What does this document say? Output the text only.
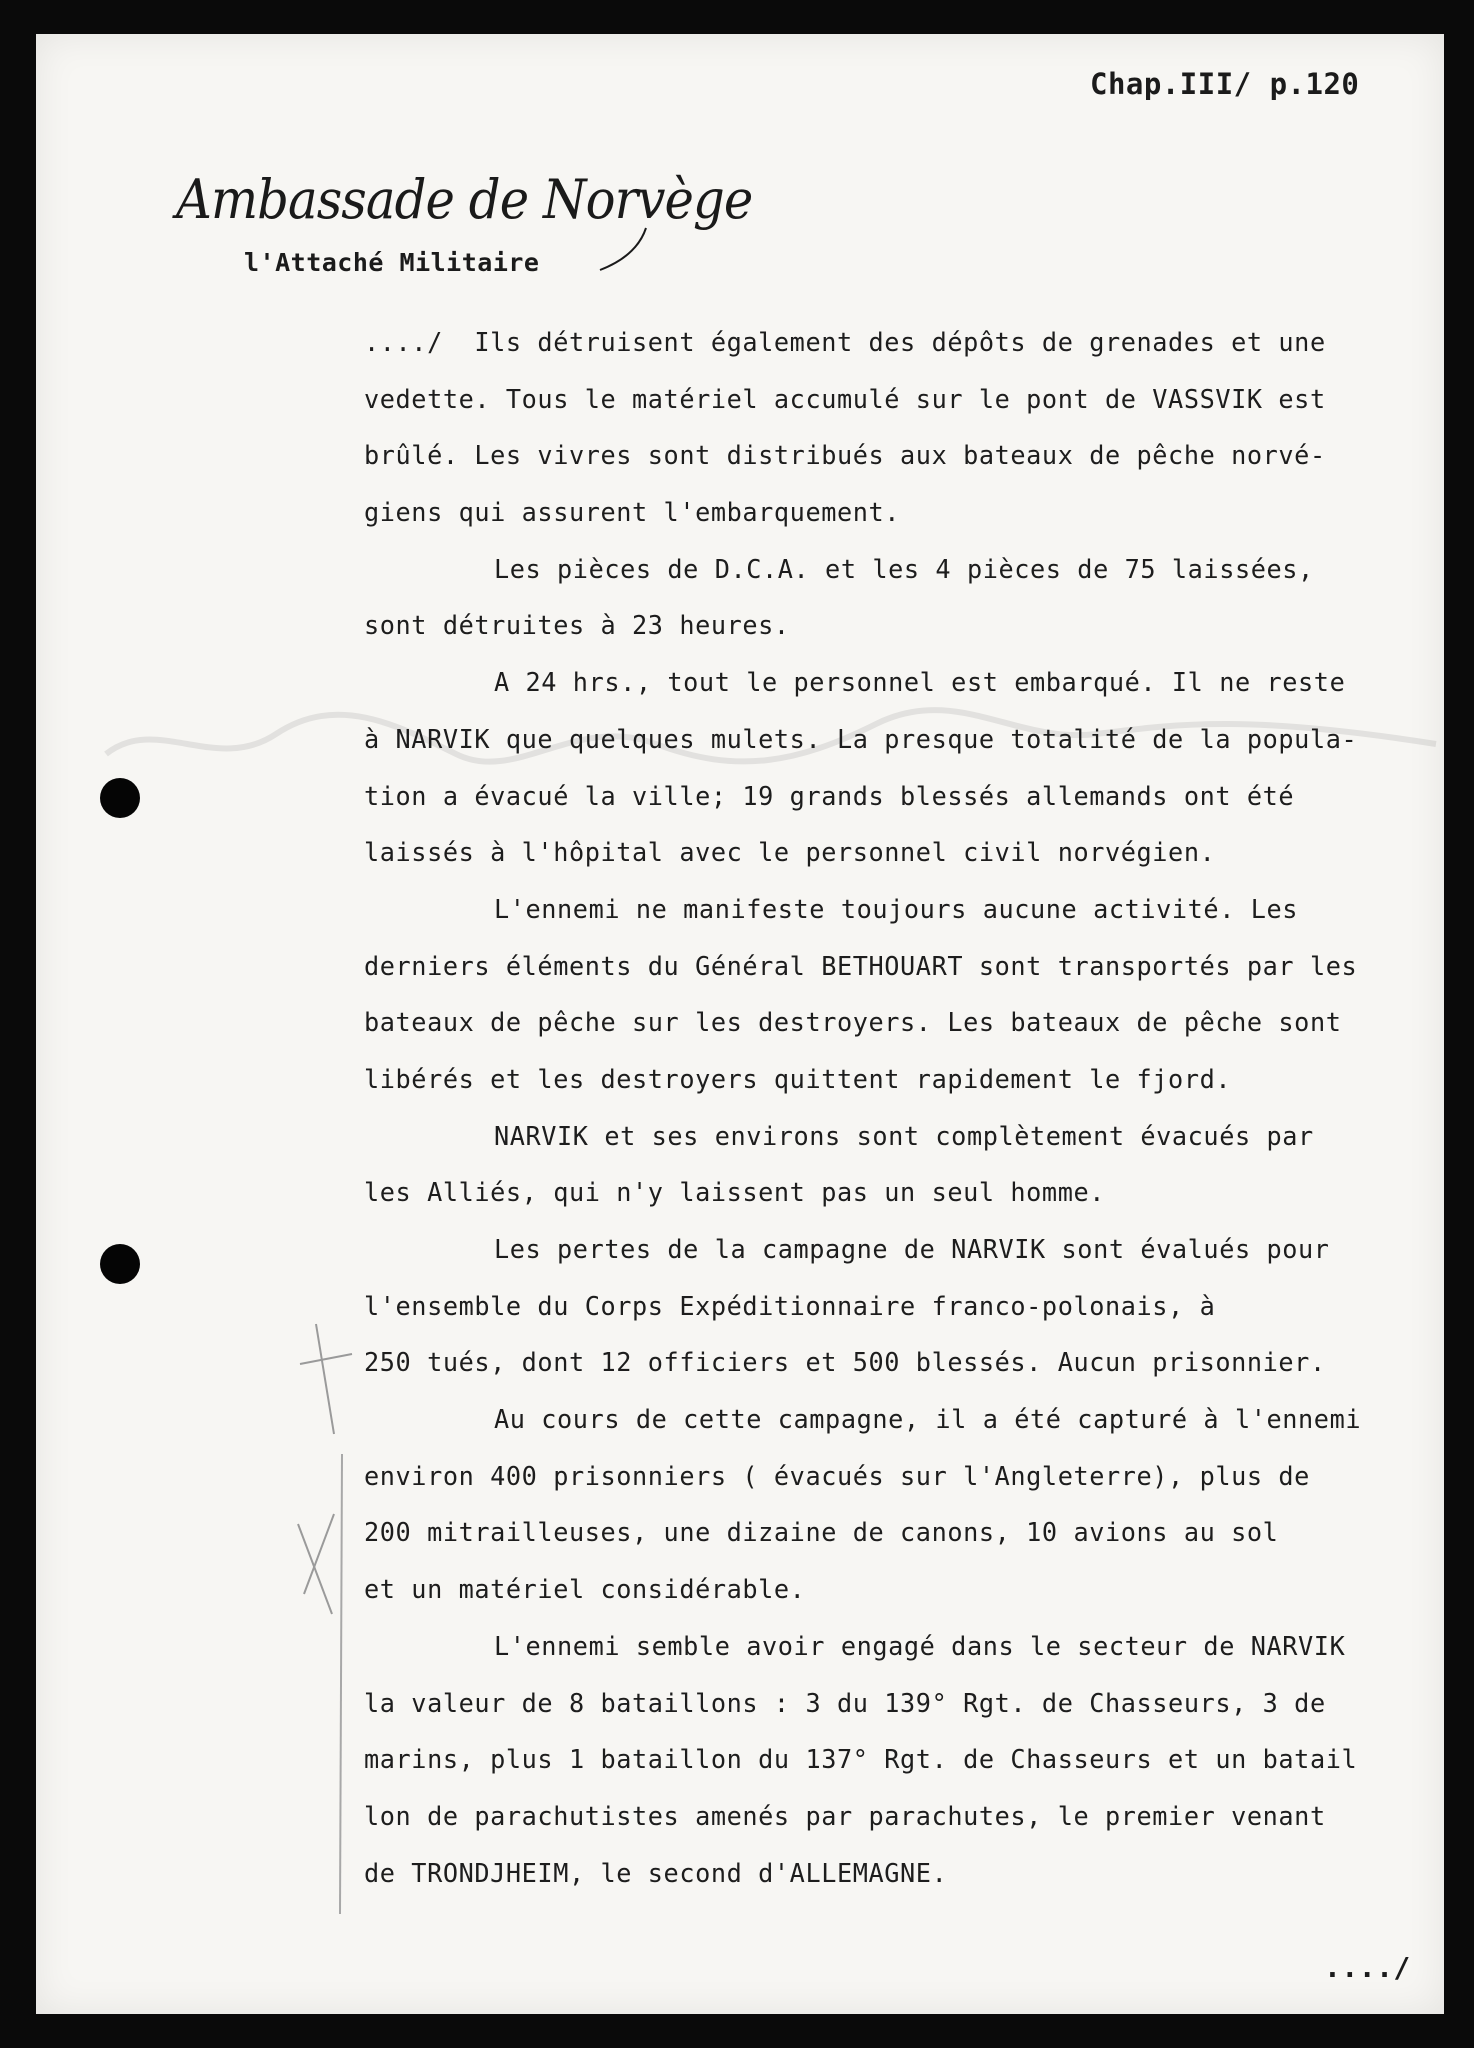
Chap.III/ p.120
Ambassade de Norvège
l'Attaché Militaire
..../  Ils détruisent également des dépôts de grenades et une
vedette. Tous le matériel accumulé sur le pont de VASSVIK est
brûlé. Les vivres sont distribués aux bateaux de pêche norvé-
giens qui assurent l'embarquement.
Les pièces de D.C.A. et les 4 pièces de 75 laissées,
sont détruites à 23 heures.
A 24 hrs., tout le personnel est embarqué. Il ne reste
à NARVIK que quelques mulets. La presque totalité de la popula-
tion a évacué la ville; 19 grands blessés allemands ont été
laissés à l'hôpital avec le personnel civil norvégien.
L'ennemi ne manifeste toujours aucune activité. Les
derniers éléments du Général BETHOUART sont transportés par les
bateaux de pêche sur les destroyers. Les bateaux de pêche sont
libérés et les destroyers quittent rapidement le fjord.
NARVIK et ses environs sont complètement évacués par
les Alliés, qui n'y laissent pas un seul homme.
Les pertes de la campagne de NARVIK sont évalués pour
l'ensemble du Corps Expéditionnaire franco-polonais, à
250 tués, dont 12 officiers et 500 blessés. Aucun prisonnier.
Au cours de cette campagne, il a été capturé à l'ennemi
environ 400 prisonniers ( évacués sur l'Angleterre), plus de
200 mitrailleuses, une dizaine de canons, 10 avions au sol
et un matériel considérable.
L'ennemi semble avoir engagé dans le secteur de NARVIK
la valeur de 8 bataillons : 3 du 139° Rgt. de Chasseurs, 3 de
marins, plus 1 bataillon du 137° Rgt. de Chasseurs et un batail
lon de parachutistes amenés par parachutes, le premier venant
de TRONDJHEIM, le second d'ALLEMAGNE.
..../
